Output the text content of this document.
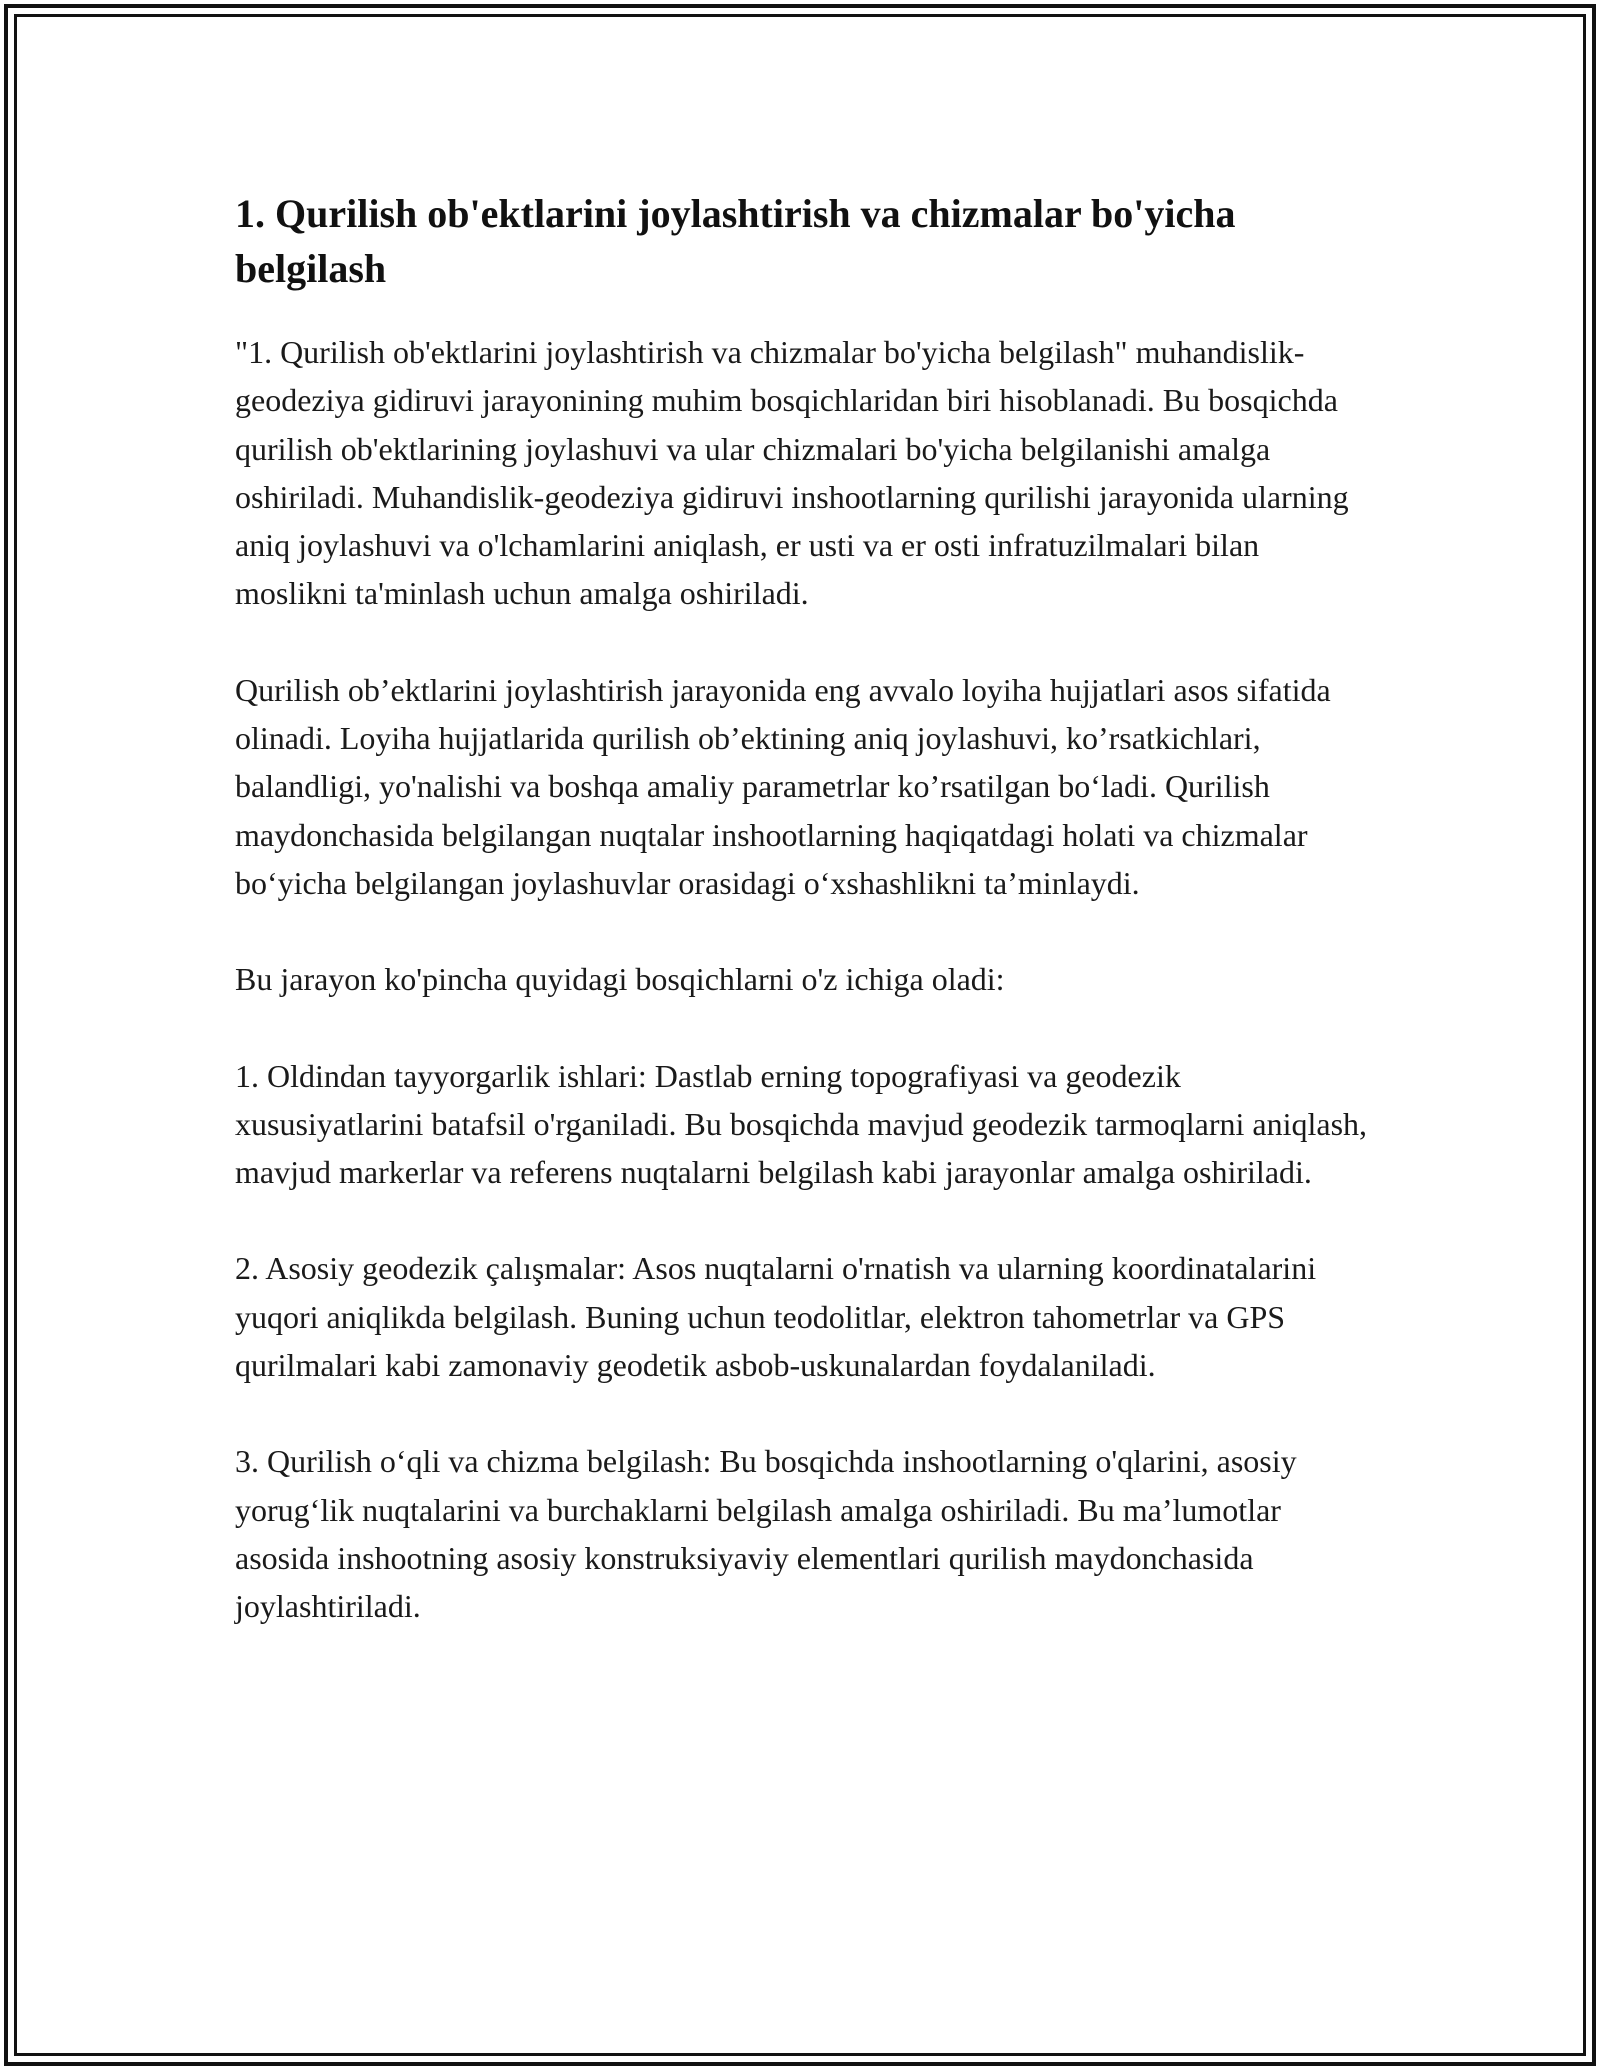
1. Qurilish ob'ektlarini joylashtirish va chizmalar bo'yicha belgilash

"1. Qurilish ob'ektlarini joylashtirish va chizmalar bo'yicha belgilash" muhandislik-geodeziya gidiruvi jarayonining muhim bosqichlaridan biri hisoblanadi. Bu bosqichda qurilish ob'ektlarining joylashuvi va ular chizmalari bo'yicha belgilanishi amalga oshiriladi. Muhandislik-geodeziya gidiruvi inshootlarning qurilishi jarayonida ularning aniq joylashuvi va o'lchamlarini aniqlash, er usti va er osti infratuzilmalari bilan moslikni ta'minlash uchun amalga oshiriladi.

Qurilish ob’ektlarini joylashtirish jarayonida eng avvalo loyiha hujjatlari asos sifatida olinadi. Loyiha hujjatlarida qurilish ob’ektining aniq joylashuvi, ko’rsatkichlari, balandligi, yo'nalishi va boshqa amaliy parametrlar ko’rsatilgan bo‘ladi. Qurilish maydonchasida belgilangan nuqtalar inshootlarning haqiqatdagi holati va chizmalar bo‘yicha belgilangan joylashuvlar orasidagi o‘xshashlikni ta’minlaydi.

Bu jarayon ko'pincha quyidagi bosqichlarni o'z ichiga oladi:

1. Oldindan tayyorgarlik ishlari: Dastlab erning topografiyasi va geodezik xususiyatlarini batafsil o'rganiladi. Bu bosqichda mavjud geodezik tarmoqlarni aniqlash, mavjud markerlar va referens nuqtalarni belgilash kabi jarayonlar amalga oshiriladi.

2. Asosiy geodezik çalışmalar: Asos nuqtalarni o'rnatish va ularning koordinatalarini yuqori aniqlikda belgilash. Buning uchun teodolitlar, elektron tahometrlar va GPS qurilmalari kabi zamonaviy geodetik asbob-uskunalardan foydalaniladi.

3. Qurilish o‘qli va chizma belgilash: Bu bosqichda inshootlarning o'qlarini, asosiy yorug‘lik nuqtalarini va burchaklarni belgilash amalga oshiriladi. Bu ma’lumotlar asosida inshootning asosiy konstruksiyaviy elementlari qurilish maydonchasida joylashtiriladi.
